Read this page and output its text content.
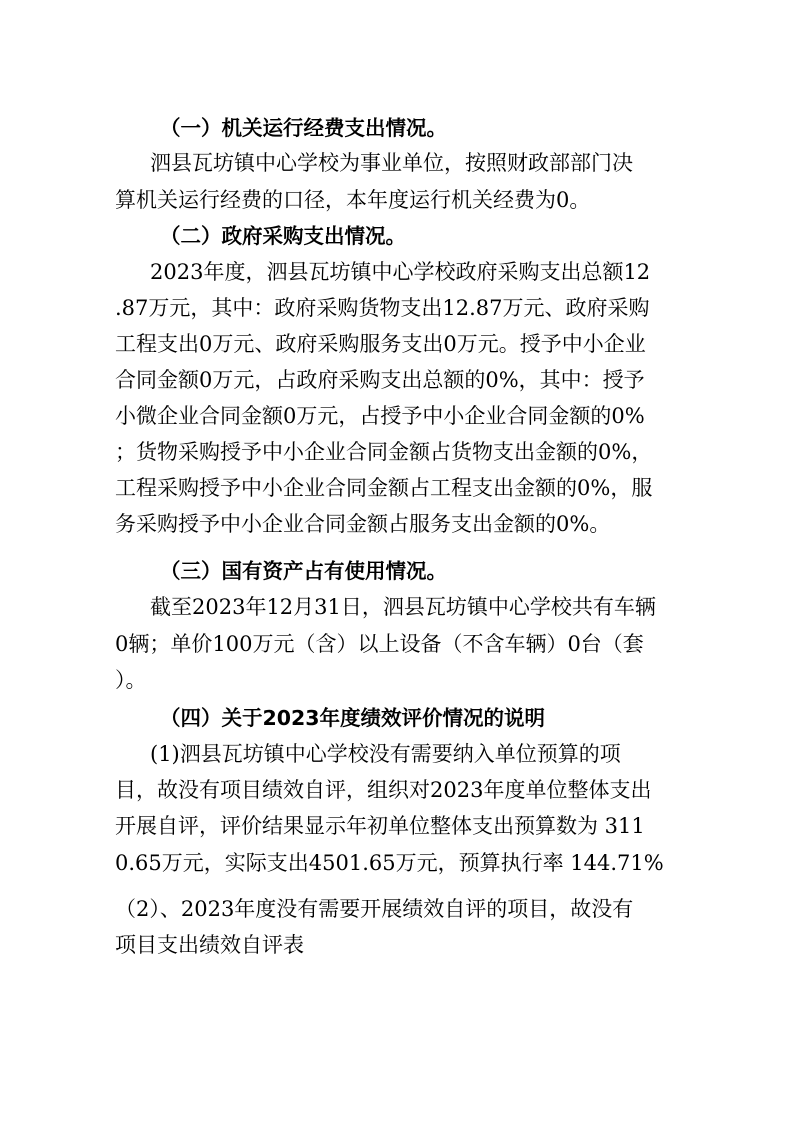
（一）机关运行经费支出情况。
泗县瓦坊镇中心学校为事业单位，按照财政部部门决
算机关运行经费的口径，本年度运行机关经费为0。
（二）政府采购支出情况。
2023年度，泗县瓦坊镇中心学校政府采购支出总额12
.87万元，其中：政府采购货物支出12.87万元、政府采购
工程支出0万元、政府采购服务支出0万元。授予中小企业
合同金额0万元，占政府采购支出总额的0%，其中：授予
小微企业合同金额0万元，占授予中小企业合同金额的0%
；货物采购授予中小企业合同金额占货物支出金额的0%，
工程采购授予中小企业合同金额占工程支出金额的0%，服
务采购授予中小企业合同金额占服务支出金额的0%。
（三）国有资产占有使用情况。
截至2023年12月31日，泗县瓦坊镇中心学校共有车辆
0辆；单价100万元（含）以上设备（不含车辆）0台（套
）。
（四）关于2023年度绩效评价情况的说明
(1)泗县瓦坊镇中心学校没有需要纳入单位预算的项
目，故没有项目绩效自评，组织对2023年度单位整体支出
开展自评，评价结果显示年初单位整体支出预算数为 311
0.65万元，实际支出4501.65万元，预算执行率 144.71%
（2）、2023年度没有需要开展绩效自评的项目，故没有
项目支出绩效自评表
